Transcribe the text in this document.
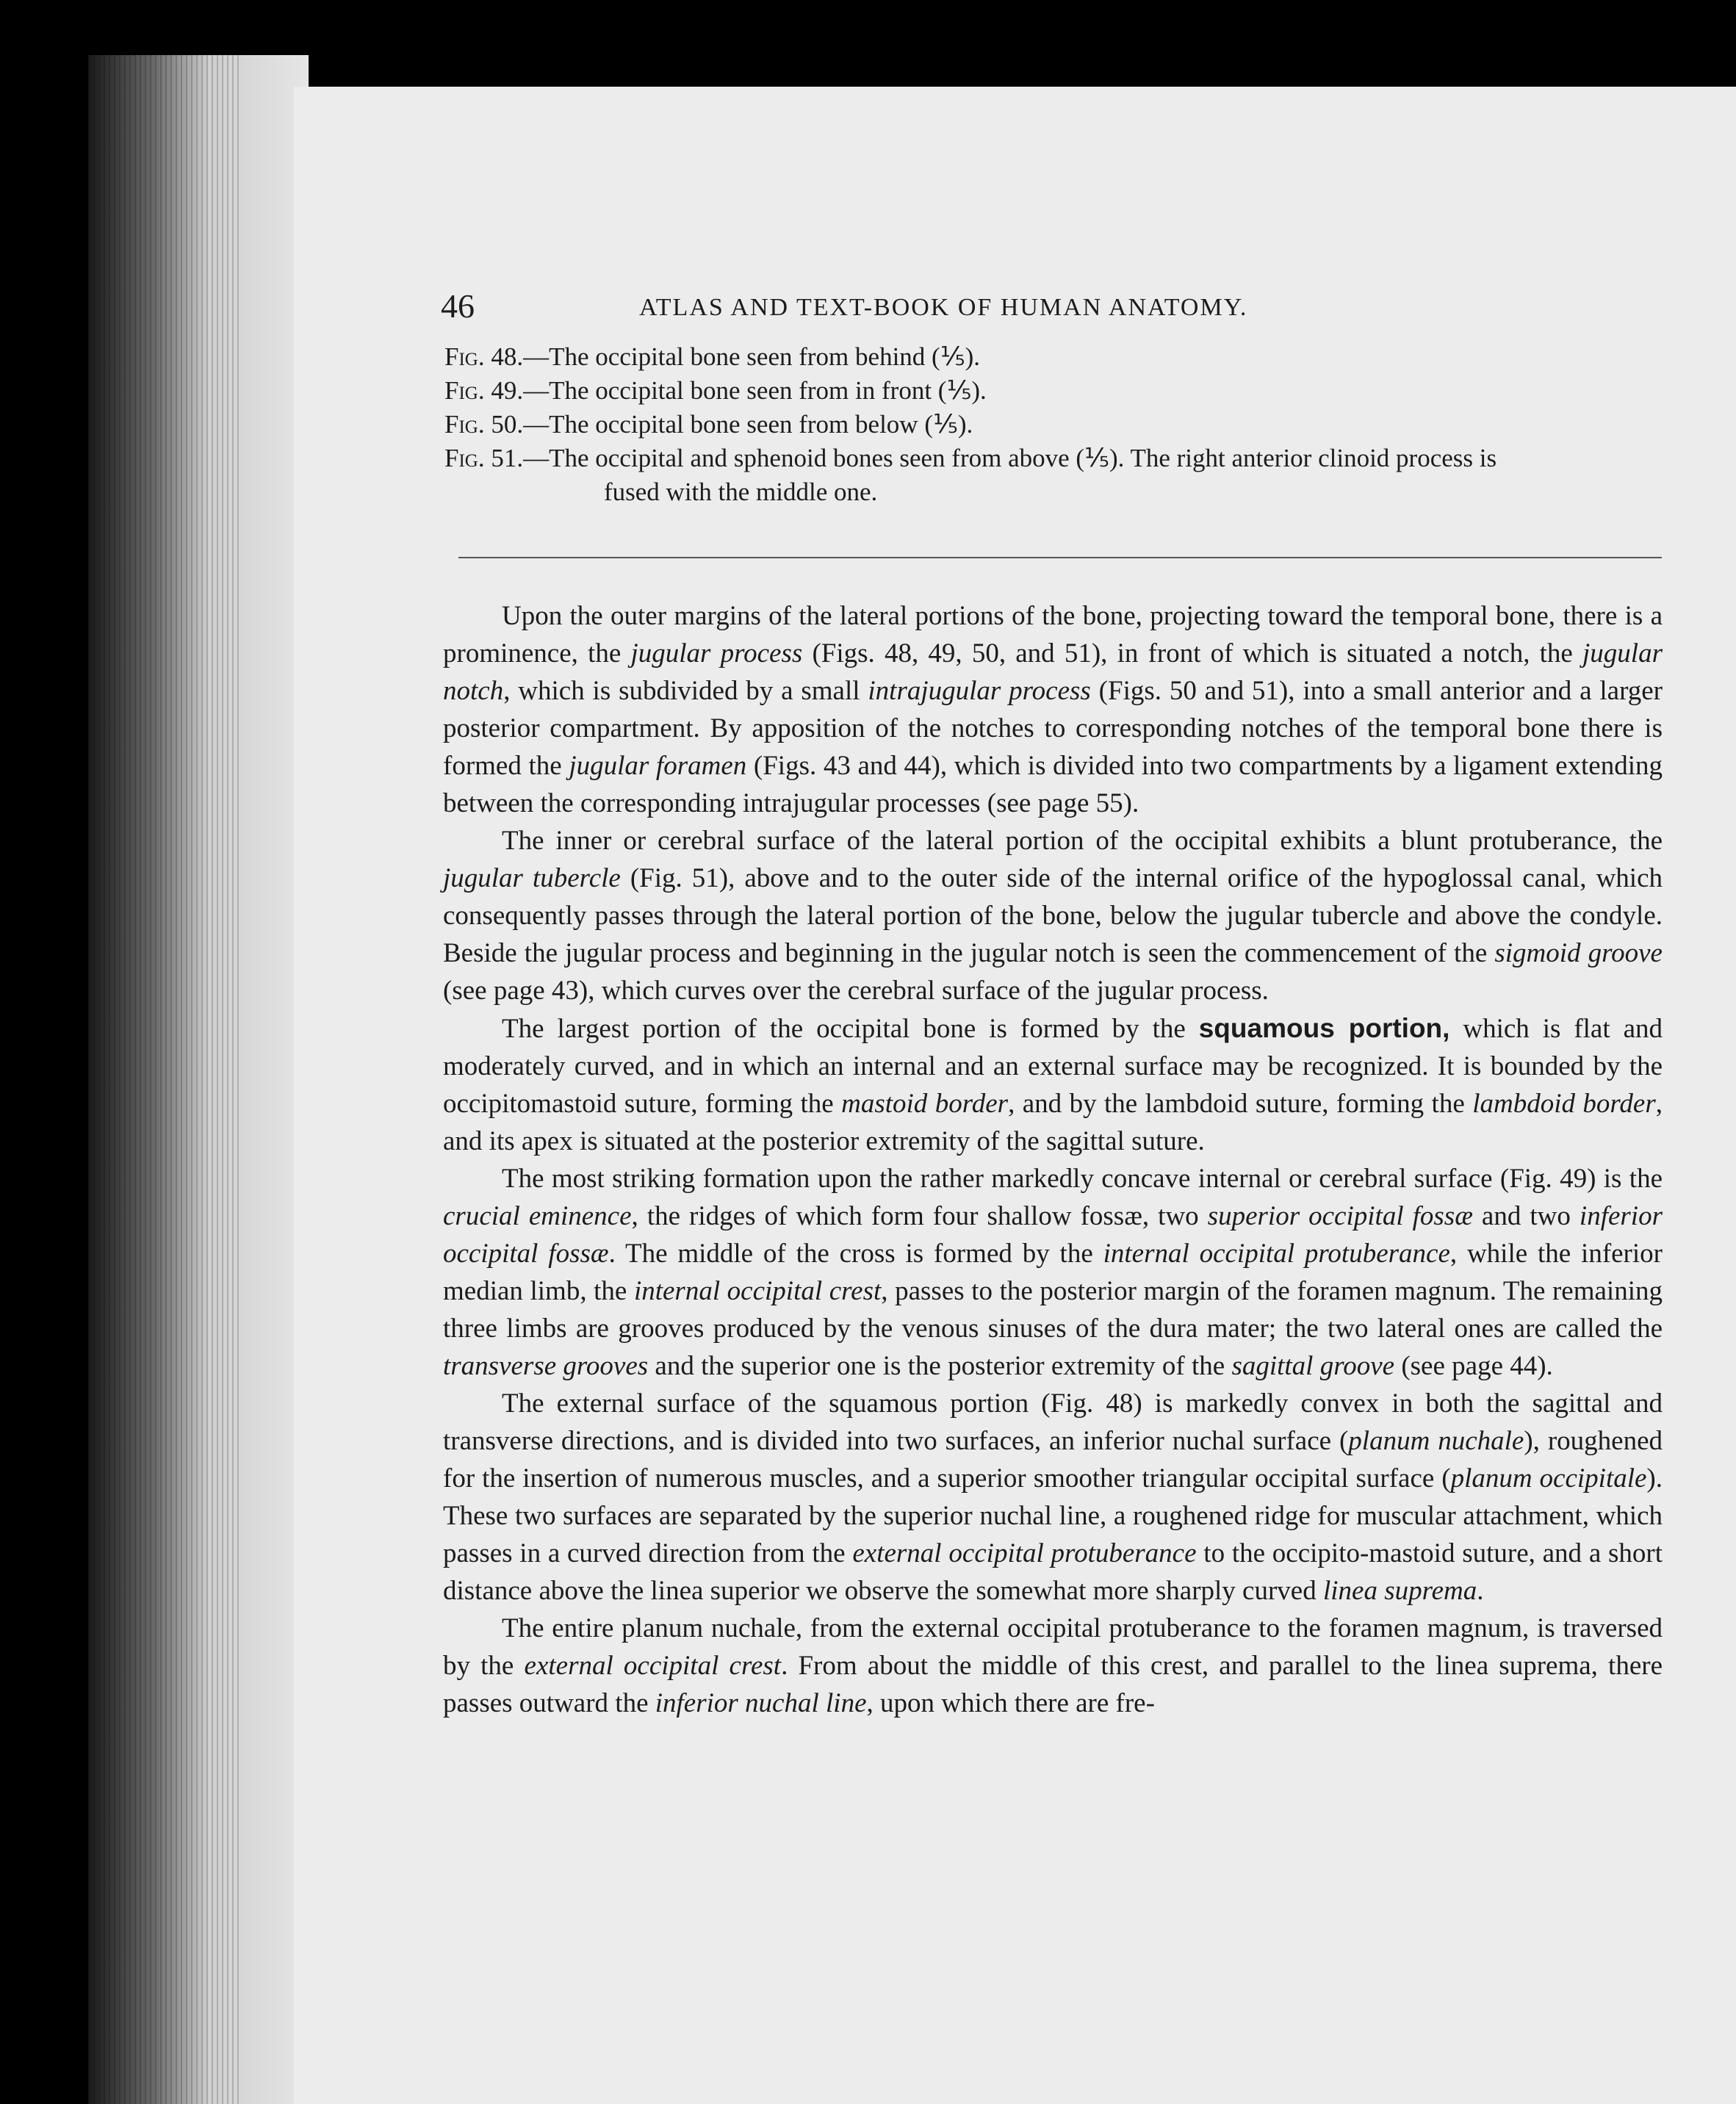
46	ATLAS AND TEXT-BOOK OF HUMAN ANATOMY.
Fig. 48.—The occipital bone seen from behind (⅕).
Fig. 49.—The occipital bone seen from in front (⅕).
Fig. 50.—The occipital bone seen from below (⅕).
Fig. 51.—The occipital and sphenoid bones seen from above (⅕). The right anterior clinoid process is
fused with the middle one.

Upon the outer margins of the lateral portions of the bone, projecting toward the temporal bone, there is a prominence, the jugular process (Figs. 48, 49, 50, and 51), in front of which is situated a notch, the jugular notch, which is subdivided by a small intrajugular process (Figs. 50 and 51), into a small anterior and a larger posterior compartment. By apposition of the notches to corresponding notches of the temporal bone there is formed the jugular foramen (Figs. 43 and 44), which is divided into two compartments by a ligament extending between the corresponding intrajugular processes (see page 55).

The inner or cerebral surface of the lateral portion of the occipital exhibits a blunt protuberance, the jugular tubercle (Fig. 51), above and to the outer side of the internal orifice of the hypoglossal canal, which consequently passes through the lateral portion of the bone, below the jugular tubercle and above the condyle. Beside the jugular process and beginning in the jugular notch is seen the commencement of the sigmoid groove (see page 43), which curves over the cerebral surface of the jugular process.

The largest portion of the occipital bone is formed by the squamous portion, which is flat and moderately curved, and in which an internal and an external surface may be recognized. It is bounded by the occipitomastoid suture, forming the mastoid border, and by the lambdoid suture, forming the lambdoid border, and its apex is situated at the posterior extremity of the sagittal suture.

The most striking formation upon the rather markedly concave internal or cerebral surface (Fig. 49) is the crucial eminence, the ridges of which form four shallow fossæ, two superior occipital fossæ and two inferior occipital fossæ. The middle of the cross is formed by the internal occipital protuberance, while the inferior median limb, the internal occipital crest, passes to the posterior margin of the foramen magnum. The remaining three limbs are grooves produced by the venous sinuses of the dura mater; the two lateral ones are called the transverse grooves and the superior one is the posterior extremity of the sagittal groove (see page 44).

The external surface of the squamous portion (Fig. 48) is markedly convex in both the sagittal and transverse directions, and is divided into two surfaces, an inferior nuchal surface (planum nuchale), roughened for the insertion of numerous muscles, and a superior smoother triangular occipital surface (planum occipitale). These two surfaces are separated by the superior nuchal line, a roughened ridge for muscular attachment, which passes in a curved direction from the external occipital protuberance to the occipito-mastoid suture, and a short distance above the linea superior we observe the somewhat more sharply curved linea suprema.

The entire planum nuchale, from the external occipital protuberance to the foramen magnum, is traversed by the external occipital crest. From about the middle of this crest, and parallel to the linea suprema, there passes outward the inferior nuchal line, upon which there are fre-
